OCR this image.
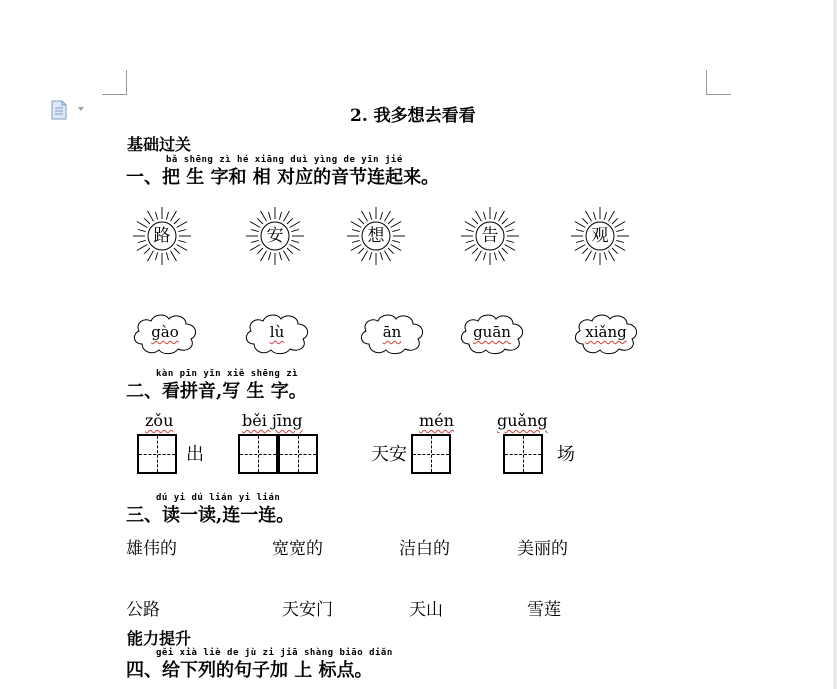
2. 我多想去看看
基础过关
bǎ shēng zì hé xiāng duì yìng de yīn jié
一、把 生 字和 相 对应的音节连起来。
路	安	想	告	观
gào	lù	ān	guān	xiǎng
kàn pīn yīn xiě shēng zì
二、看拼音,写 生 字。
zǒu
出
běi jīng	mén
天安
guǎng
场
dú yi dú lián yi lián
三、读一读,连一连。
雄伟的	宽宽的	洁白的	美丽的
公路	天安门	天山	雪莲
能力提升
gěi xià liè de jù zi jiā shàng biāo diǎn
四、给下列的句子加 上 标点。
